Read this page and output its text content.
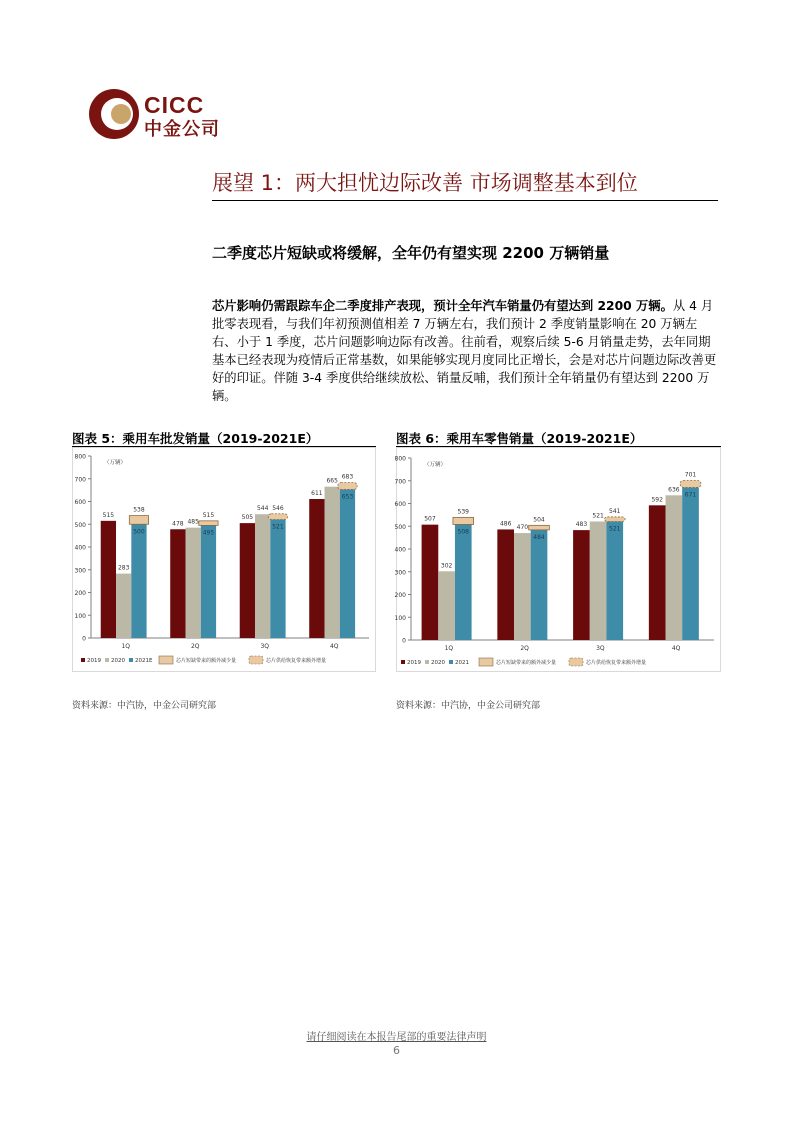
CICC
中金公司
展望 1：两大担忧边际改善 市场调整基本到位
二季度芯片短缺或将缓解，全年仍有望实现 2200 万辆销量
芯片影响仍需跟踪车企二季度排产表现，预计全年汽车销量仍有望达到 2200 万辆。从 4 月批零表现看，与我们年初预测值相差 7 万辆左右，我们预计 2 季度销量影响在 20 万辆左右、小于 1 季度，芯片问题影响边际有改善。往前看，观察后续 5-6 月销量走势，去年同期基本已经表现为疫情后正常基数，如果能够实现月度同比正增长，会是对芯片问题边际改善更好的印证。伴随 3-4 季度供给继续放松、销量反哺，我们预计全年销量仍有望达到 2200 万辆。
图表 5：乘用车批发销量（2019-2021E）
0
100
200
300
400
500
600
700
800
（万辆）
515
283
500
538
1Q
478 485
495
515
2Q
505
544
521
546
3Q
611
665
653
683
4Q
2019 2020 2021E	芯片短缺带来的额外减少量	芯片供给恢复带来额外增量
资料来源：中汽协，中金公司研究部
图表 6：乘用车零售销量（2019-2021E）
0
100
200
300
400
500
600
700
800
（万辆）
507
302
508
539
1Q
486
470
484
504
2Q
483
521
521
541
3Q
592
636
671
701
4Q
2019 2020 2021	芯片短缺带来的额外减少量	芯片供给恢复带来额外增量
资料来源：中汽协，中金公司研究部
请仔细阅读在本报告尾部的重要法律声明
6
